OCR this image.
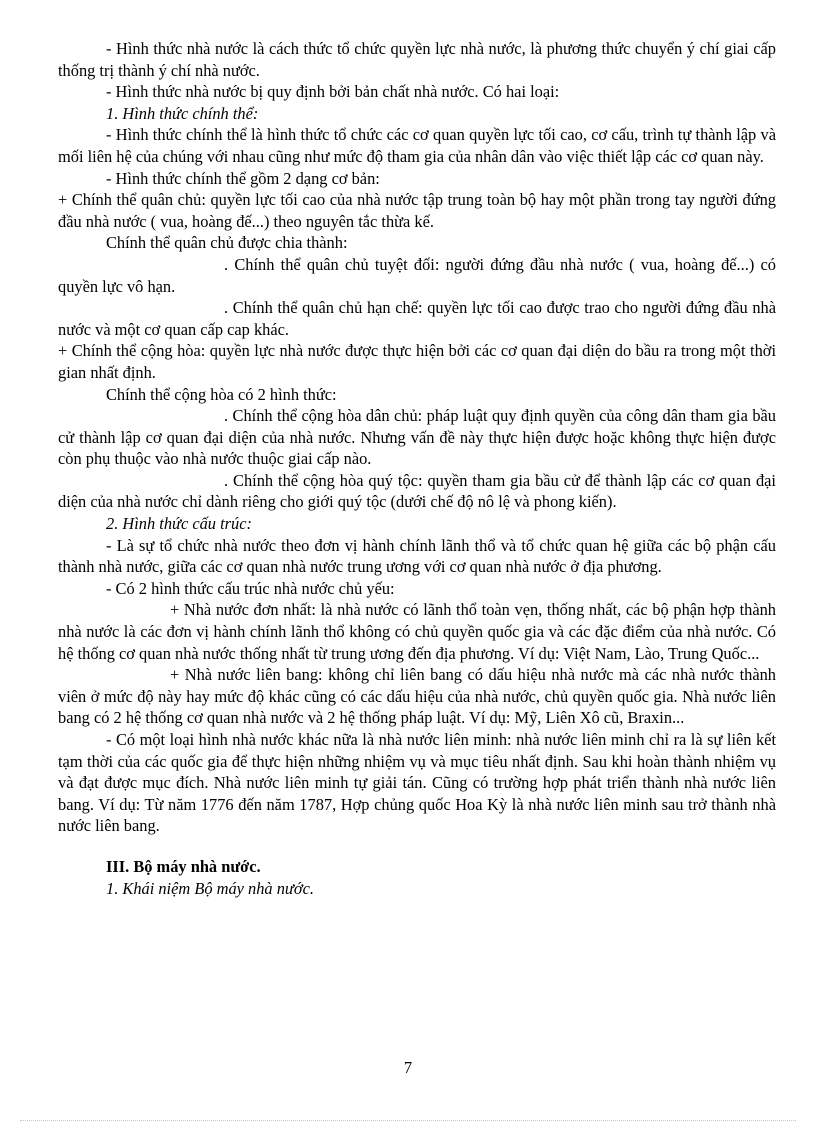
- Hình thức nhà nước là cách thức tổ chức quyền lực nhà nước, là phương thức chuyển ý chí giai cấp thống trị thành ý chí nhà nước.

- Hình thức nhà nước bị quy định bởi bản chất nhà nước. Có hai loại:

1. Hình thức chính thể:

- Hình thức chính thể là hình thức tổ chức các cơ quan quyền lực tối cao, cơ cấu, trình tự thành lập và mối liên hệ của chúng với nhau cũng như mức độ tham gia của nhân dân vào việc thiết lập các cơ quan này.

- Hình thức chính thể gồm 2 dạng cơ bản:

+ Chính thể quân chủ: quyền lực tối cao của nhà nước tập trung toàn bộ hay một phần trong tay người đứng đầu nhà nước ( vua, hoàng đế...) theo nguyên tắc thừa kế.

Chính thể quân chủ được chia thành:

. Chính thể quân chủ tuyệt đối: người đứng đầu nhà nước ( vua, hoàng đế...) có quyền lực vô hạn.

. Chính thể quân chủ hạn chế: quyền lực tối cao được trao cho người đứng đầu nhà nước và một cơ quan cấp cap khác.

+ Chính thể cộng hòa: quyền lực nhà nước được thực hiện bởi các cơ quan đại diện do bầu ra trong một thời gian nhất định.

Chính thể cộng hòa có 2 hình thức:

. Chính thể cộng hòa dân chủ: pháp luật quy định quyền của công dân tham gia bầu cử thành lập cơ quan đại diện của nhà nước. Nhưng vấn đề này thực hiện được hoặc không thực hiện được còn phụ thuộc vào nhà nước thuộc giai cấp nào.

. Chính thể cộng hòa quý tộc: quyền tham gia bầu cử để thành lập các cơ quan đại diện của nhà nước chỉ dành riêng cho giới quý tộc (dưới chế độ nô lệ và phong kiến).

2. Hình thức cấu trúc:

- Là sự tổ chức nhà nước theo đơn vị hành chính lãnh thổ và tổ chức quan hệ giữa các bộ phận cấu thành nhà nước, giữa các cơ quan nhà nước trung ương với cơ quan nhà nước ở địa phương.

- Có 2 hình thức cấu trúc nhà nước chủ yếu:

+ Nhà nước đơn nhất: là nhà nước có lãnh thổ toàn vẹn, thống nhất, các bộ phận hợp thành nhà nước là các đơn vị hành chính lãnh thổ không có chủ quyền quốc gia và các đặc điểm của nhà nước. Có hệ thống cơ quan nhà nước thống nhất từ trung ương đến địa phương. Ví dụ: Việt Nam, Lào, Trung Quốc...

+ Nhà nước liên bang: không chỉ liên bang có dấu hiệu nhà nước mà các nhà nước thành viên ở mức độ này hay mức độ khác cũng có các dấu hiệu của nhà nước, chủ quyền quốc gia. Nhà nước liên bang có 2 hệ thống cơ quan nhà nước và 2 hệ thống pháp luật. Ví dụ: Mỹ, Liên Xô cũ, Braxin...

- Có một loại hình nhà nước khác nữa là nhà nước liên minh: nhà nước liên minh chỉ ra là sự liên kết tạm thời của các quốc gia để thực hiện những nhiệm vụ và mục tiêu nhất định. Sau khi hoàn thành nhiệm vụ và đạt được mục đích. Nhà nước liên minh tự giải tán. Cũng có trường hợp phát triển thành nhà nước liên bang. Ví dụ: Từ năm 1776 đến năm 1787, Hợp chủng quốc Hoa Kỳ là nhà nước liên minh sau trở thành nhà nước liên bang.

III. Bộ máy nhà nước.

1. Khái niệm Bộ máy nhà nước.

7
